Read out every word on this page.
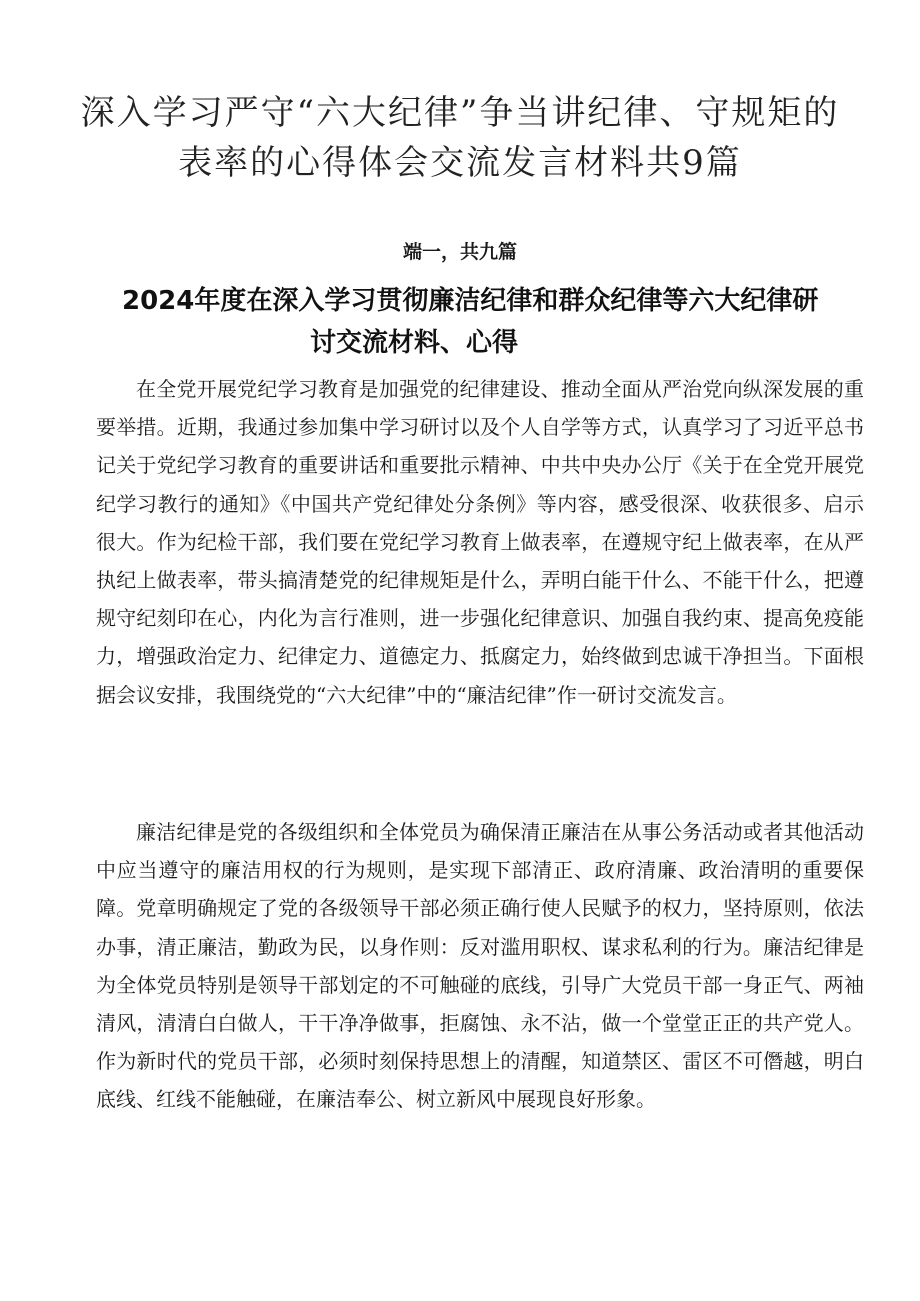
深入学习严守“六大纪律”争当讲纪律、守规矩的
表率的心得体会交流发言材料共9篇
端一，共九篇
2024年度在深入学习贯彻廉洁纪律和群众纪律等六大纪律研
讨交流材料、心得

在全党开展党纪学习教育是加强党的纪律建设、推动全面从严治党向纵深发展的重要举措。近期，我通过参加集中学习研讨以及个人自学等方式，认真学习了习近平总书记关于党纪学习教育的重要讲话和重要批示精神、中共中央办公厅《关于在全党开展党纪学习教行的通知》《中国共产党纪律处分条例》等内容，感受很深、收获很多、启示很大。作为纪检干部，我们要在党纪学习教育上做表率，在遵规守纪上做表率，在从严执纪上做表率，带头搞清楚党的纪律规矩是什么，弄明白能干什么、不能干什么，把遵规守纪刻印在心，内化为言行准则，进一步强化纪律意识、加强自我约束、提高免疫能力，增强政治定力、纪律定力、道德定力、抵腐定力，始终做到忠诚干净担当。下面根据会议安排，我围绕党的“六大纪律”中的“廉洁纪律”作一研讨交流发言。

廉洁纪律是党的各级组织和全体党员为确保清正廉洁在从事公务活动或者其他活动中应当遵守的廉洁用权的行为规则，是实现下部清正、政府清廉、政治清明的重要保障。党章明确规定了党的各级领导干部必须正确行使人民赋予的权力，坚持原则，依法办事，清正廉洁，勤政为民，以身作则：反对滥用职权、谋求私利的行为。廉洁纪律是为全体党员特别是领导干部划定的不可触碰的底线，引导广大党员干部一身正气、两袖清风，清清白白做人，干干净净做事，拒腐蚀、永不沾，做一个堂堂正正的共产党人。作为新时代的党员干部，必须时刻保持思想上的清醒，知道禁区、雷区不可僭越，明白底线、红线不能触碰，在廉洁奉公、树立新风中展现良好形象。
